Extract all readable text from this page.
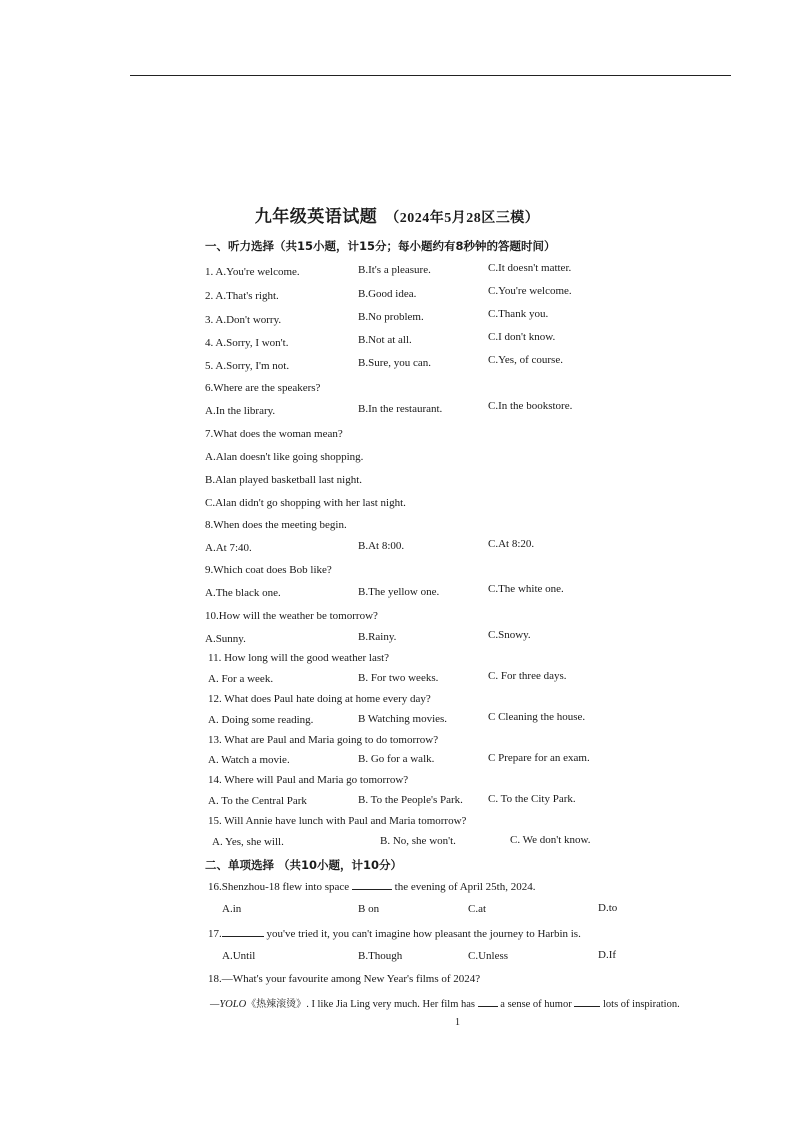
九年级英语试题 （2024年5月28区三模）
一、听力选择（共15小题，计15分；每小题约有8秒钟的答题时间）
1. A.You're welcome.	B.It's a pleasure.	C.It doesn't matter.
2. A.That's right.	B.Good idea.	C.You're welcome.
3. A.Don't worry.	B.No problem.	C.Thank you.
4. A.Sorry, I won't.	B.Not at all.	C.I don't know.
5. A.Sorry, I'm not.	B.Sure, you can.	C.Yes, of course.
6.Where are the speakers?
A.In the library.	B.In the restaurant.	C.In the bookstore.
7.What does the woman mean?
A.Alan doesn't like going shopping.
B.Alan played basketball last night.
C.Alan didn't go shopping with her last night.
8.When does the meeting begin.
A.At 7:40.	B.At 8:00.	C.At 8:20.
9.Which coat does Bob like?
A.The black one.	B.The yellow one.	C.The white one.
10.How will the weather be tomorrow?
A.Sunny.	B.Rainy.	C.Snowy.
11. How long will the good weather last?
A. For a week.	B. For two weeks.	C. For three days.
12. What does Paul hate doing at home every day?
A. Doing some reading.	B Watching movies.	C Cleaning the house.
13. What are Paul and Maria going to do tomorrow?
A. Watch a movie.	B. Go for a walk.	C Prepare for an exam.
14. Where will Paul and Maria go tomorrow?
A. To the Central Park	B. To the People's Park. C. To the City Park.
15. Will Annie have lunch with Paul and Maria tomorrow?
A. Yes, she will.	B. No, she won't.	C. We don't know.
二、单项选择 （共10小题，计10分）
16.Shenzhou-18 flew into space	the evening of April 25th, 2024.
A.in	B on	C.at	D.to
17.	you've tried it, you can't imagine how pleasant the journey to Harbin is.
A.Until	B.Though	C.Unless	D.If
18.—What's your favourite among New Year's films of 2024?
—YOLO《热辣滚烫》. I like Jia Ling very much. Her film has a sense of humor	lots of inspiration.
1
